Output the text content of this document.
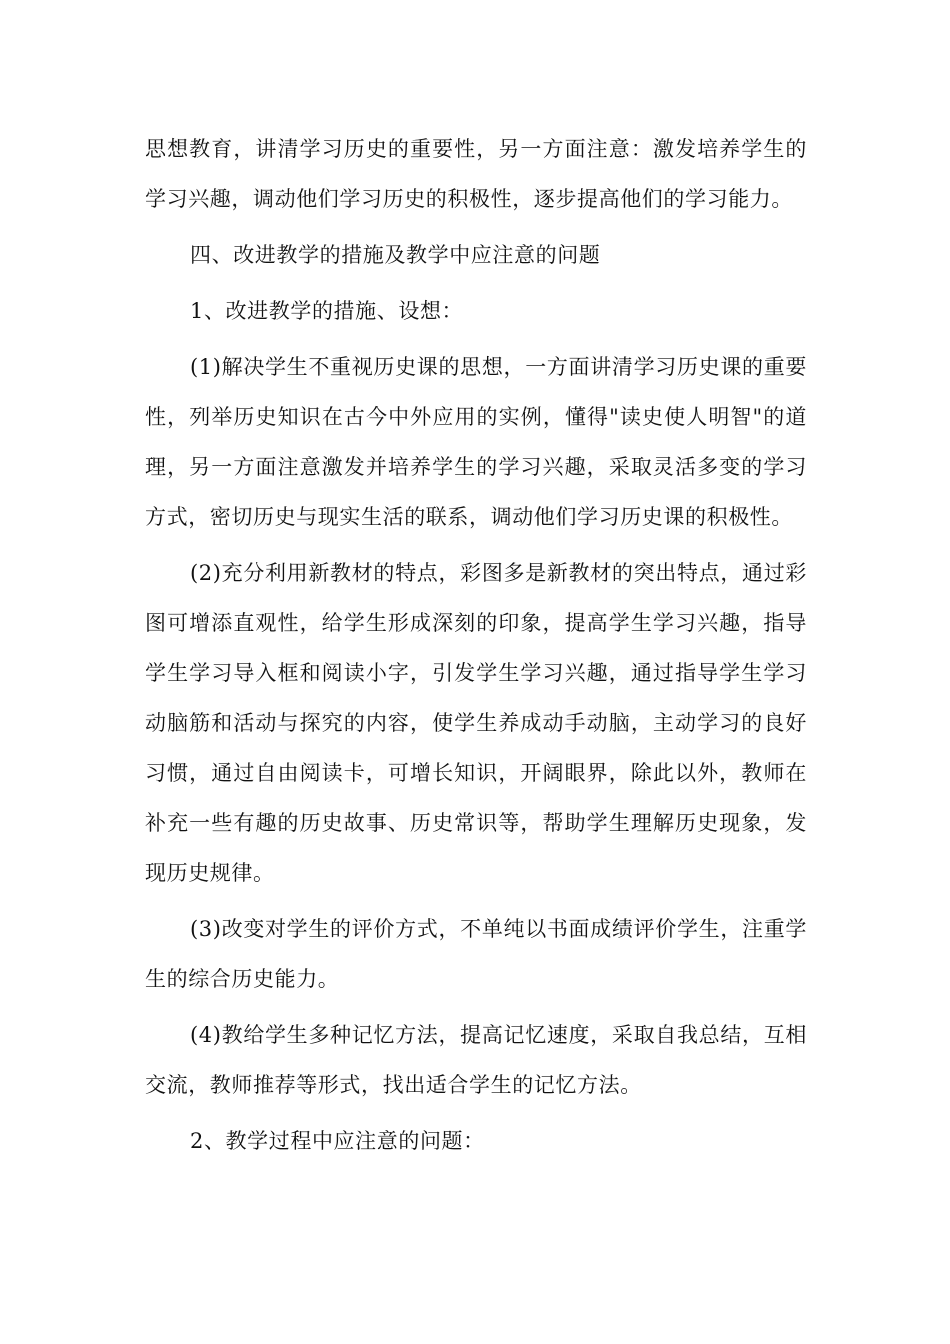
思想教育，讲清学习历史的重要性，另一方面注意：激发培养学生的学习兴趣，调动他们学习历史的积极性，逐步提高他们的学习能力。

四、改进教学的措施及教学中应注意的问题

1、改进教学的措施、设想：

(1)解决学生不重视历史课的思想，一方面讲清学习历史课的重要性，列举历史知识在古今中外应用的实例，懂得"读史使人明智"的道理，另一方面注意激发并培养学生的学习兴趣，采取灵活多变的学习方式，密切历史与现实生活的联系，调动他们学习历史课的积极性。

(2)充分利用新教材的特点，彩图多是新教材的突出特点，通过彩图可增添直观性，给学生形成深刻的印象，提高学生学习兴趣，指导学生学习导入框和阅读小字，引发学生学习兴趣，通过指导学生学习动脑筋和活动与探究的内容，使学生养成动手动脑，主动学习的良好习惯，通过自由阅读卡，可增长知识，开阔眼界，除此以外，教师在补充一些有趣的历史故事、历史常识等，帮助学生理解历史现象，发现历史规律。

(3)改变对学生的评价方式，不单纯以书面成绩评价学生，注重学生的综合历史能力。

(4)教给学生多种记忆方法，提高记忆速度，采取自我总结，互相交流，教师推荐等形式，找出适合学生的记忆方法。

2、教学过程中应注意的问题：
